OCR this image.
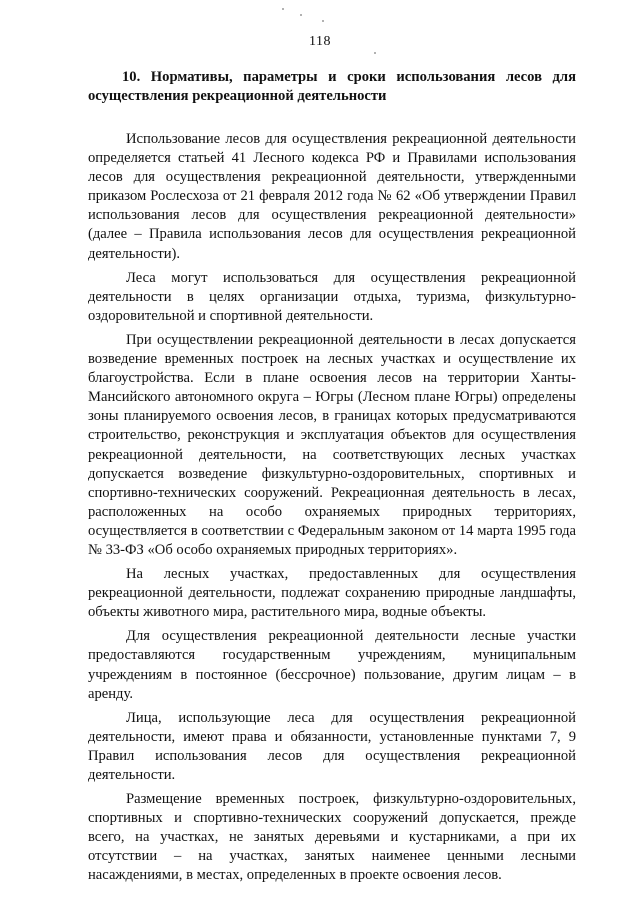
118
10. Нормативы, параметры и сроки использования лесов для осуществления рекреационной деятельности

Использование лесов для осуществления рекреационной деятельности определяется статьей 41 Лесного кодекса РФ и Правилами использования лесов для осуществления рекреационной деятельности, утвержденными приказом Рослесхоза от 21 февраля 2012 года № 62 «Об утверждении Правил использования лесов для осуществления рекреационной деятельности» (далее – Правила использования лесов для осуществления рекреационной деятельности).

Леса могут использоваться для осуществления рекреационной деятельности в целях организации отдыха, туризма, физкультурно-оздоровительной и спортивной деятельности.

При осуществлении рекреационной деятельности в лесах допускается возведение временных построек на лесных участках и осуществление их благоустройства. Если в плане освоения лесов на территории Ханты-Мансийского автономного округа – Югры (Лесном плане Югры) определены зоны планируемого освоения лесов, в границах которых предусматриваются строительство, реконструкция и эксплуатация объектов для осуществления рекреационной деятельности, на соответствующих лесных участках допускается возведение физкультурно-оздоровительных, спортивных и спортивно-технических сооружений. Рекреационная деятельность в лесах, расположенных на особо охраняемых природных территориях, осуществляется в соответствии с Федеральным законом от 14 марта 1995 года № 33-ФЗ «Об особо охраняемых природных территориях».

На лесных участках, предоставленных для осуществления рекреационной деятельности, подлежат сохранению природные ландшафты, объекты животного мира, растительного мира, водные объекты.

Для осуществления рекреационной деятельности лесные участки предоставляются государственным учреждениям, муниципальным учреждениям в постоянное (бессрочное) пользование, другим лицам – в аренду.

Лица, использующие леса для осуществления рекреационной деятельности, имеют права и обязанности, установленные пунктами 7, 9 Правил использования лесов для осуществления рекреационной деятельности.

Размещение временных построек, физкультурно-оздоровительных, спортивных и спортивно-технических сооружений допускается, прежде всего, на участках, не занятых деревьями и кустарниками, а при их отсутствии – на участках, занятых наименее ценными лесными насаждениями, в местах, определенных в проекте освоения лесов.
